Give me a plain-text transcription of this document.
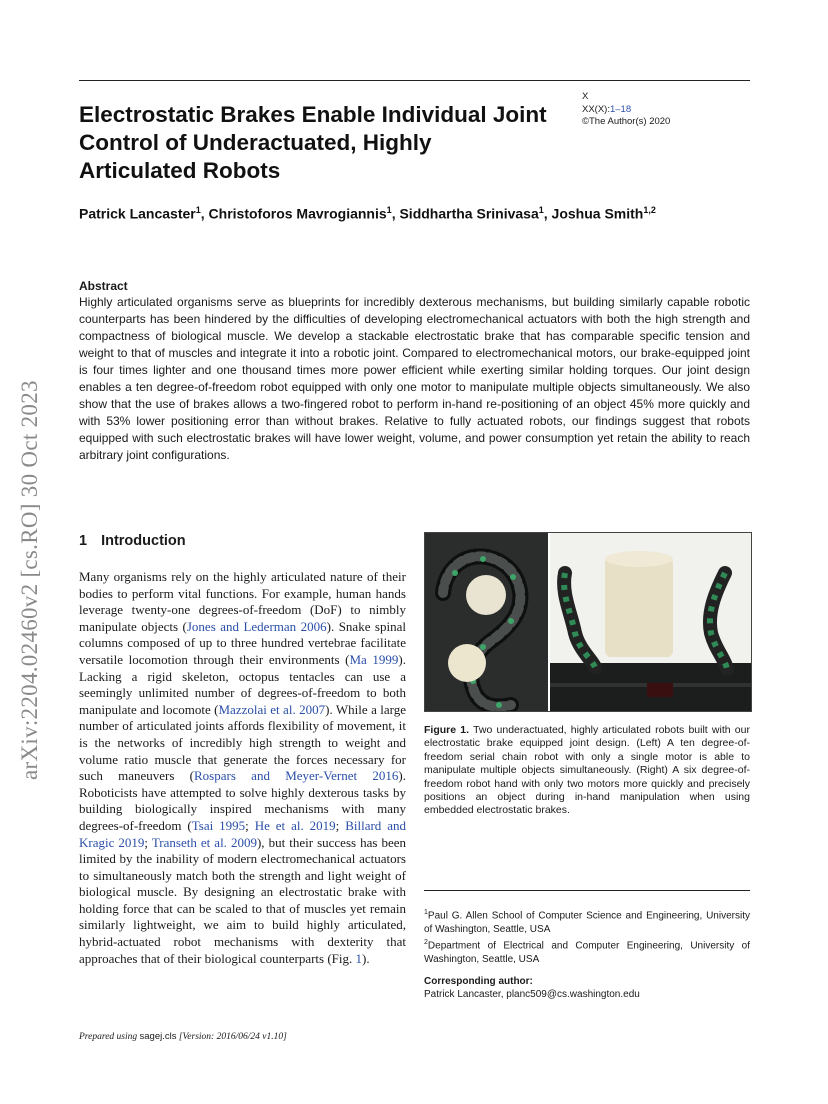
arXiv:2204.02460v2 [cs.RO] 30 Oct 2023
X
XX(X):1–18
©The Author(s) 2020
Electrostatic Brakes Enable Individual Joint Control of Underactuated, Highly Articulated Robots
Patrick Lancaster$^1$, Christoforos Mavrogiannis$^1$, Siddhartha Srinivasa$^1$, Joshua Smith$^{1,2}$
Abstract
Highly articulated organisms serve as blueprints for incredibly dexterous mechanisms, but building similarly capable robotic counterparts has been hindered by the difficulties of developing electromechanical actuators with both the high strength and compactness of biological muscle. We develop a stackable electrostatic brake that has comparable specific tension and weight to that of muscles and integrate it into a robotic joint. Compared to electromechanical motors, our brake-equipped joint is four times lighter and one thousand times more power efficient while exerting similar holding torques. Our joint design enables a ten degree-of-freedom robot equipped with only one motor to manipulate multiple objects simultaneously. We also show that the use of brakes allows a two-fingered robot to perform in-hand re-positioning of an object 45% more quickly and with 53% lower positioning error than without brakes. Relative to fully actuated robots, our findings suggest that robots equipped with such electrostatic brakes will have lower weight, volume, and power consumption yet retain the ability to reach arbitrary joint configurations.
1 Introduction
Many organisms rely on the highly articulated nature of their bodies to perform vital functions. For example, human hands leverage twenty-one degrees-of-freedom (DoF) to nimbly manipulate objects (Jones and Lederman 2006). Snake spinal columns composed of up to three hundred vertebrae facilitate versatile locomotion through their environments (Ma 1999). Lacking a rigid skeleton, octopus tentacles can use a seemingly unlimited number of degrees-of-freedom to both manipulate and locomote (Mazzolai et al. 2007). While a large number of articulated joints affords flexibility of movement, it is the networks of incredibly high strength to weight and volume ratio muscle that generate the forces necessary for such maneuvers (Rospars and Meyer-Vernet 2016). Roboticists have attempted to solve highly dexterous tasks by building biologically inspired mechanisms with many degrees-of-freedom (Tsai 1995; He et al. 2019; Billard and Kragic 2019; Transeth et al. 2009), but their success has been limited by the inability of modern electromechanical actuators to simultaneously match both the strength and light weight of biological muscle. By designing an electrostatic brake with holding force that can be scaled to that of muscles yet remain similarly lightweight, we aim to build highly articulated, hybrid-actuated robot mechanisms with dexterity that approaches that of their biological counterparts (Fig. 1).
Figure 1. Two underactuated, highly articulated robots built with our electrostatic brake equipped joint design. (Left) A ten degree-of-freedom serial chain robot with only a single motor is able to manipulate multiple objects simultaneously. (Right) A six degree-of-freedom robot hand with only two motors more quickly and precisely positions an object during in-hand manipulation when using embedded electrostatic brakes.
$^1$Paul G. Allen School of Computer Science and Engineering, University of Washington, Seattle, USA
$^2$Department of Electrical and Computer Engineering, University of Washington, Seattle, USA
Corresponding author:
Patrick Lancaster, planc509@cs.washington.edu
Prepared using sagej.cls [Version: 2016/06/24 v1.10]
